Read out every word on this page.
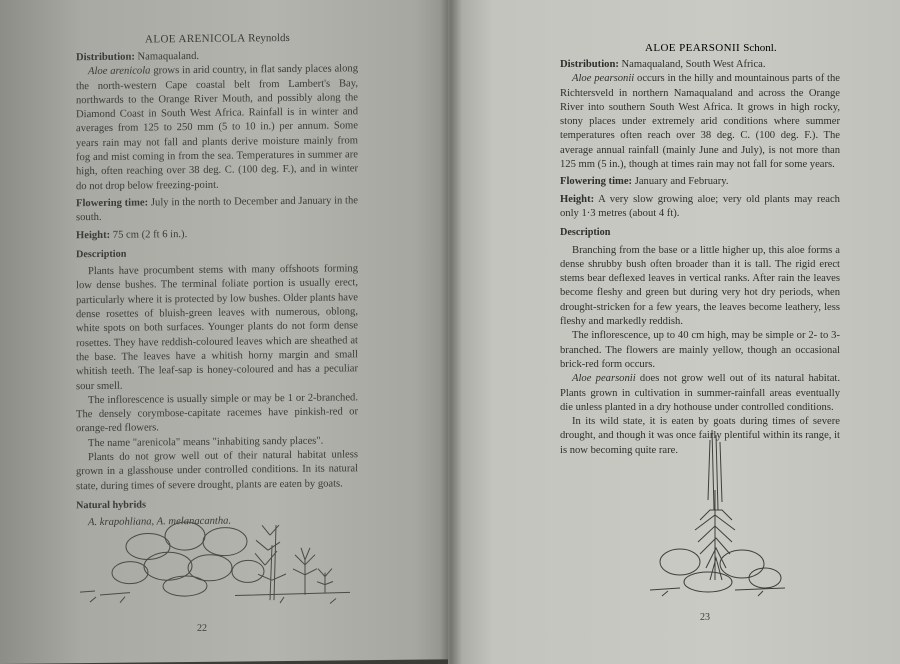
ALOE ARENICOLA Reynolds

Distribution: Namaqualand.

Aloe arenicola grows in arid country, in flat sandy places along the north-western Cape coastal belt from Lambert's Bay, northwards to the Orange River Mouth, and possibly along the Diamond Coast in South West Africa. Rainfall is in winter and averages from 125 to 250 mm (5 to 10 in.) per annum. Some years rain may not fall and plants derive moisture mainly from fog and mist coming in from the sea. Temperatures in summer are high, often reaching over 38 deg. C. (100 deg. F.), and in winter do not drop below freezing-point.

Flowering time: July in the north to December and January in the south.

Height: 75 cm (2 ft 6 in.).

Description

Plants have procumbent stems with many offshoots forming low dense bushes. The terminal foliate portion is usually erect, particularly where it is protected by low bushes. Older plants have dense rosettes of bluish-green leaves with numerous, oblong, white spots on both surfaces. Younger plants do not form dense rosettes. They have reddish-coloured leaves which are sheathed at the base. The leaves have a whitish horny margin and small whitish teeth. The leaf-sap is honey-coloured and has a peculiar sour smell.

The inflorescence is usually simple or may be 1 or 2-branched. The densely corymbose-capitate racemes have pinkish-red or orange-red flowers.

The name "arenicola" means "inhabiting sandy places".

Plants do not grow well out of their natural habitat unless grown in a glasshouse under controlled conditions. In its natural state, during times of severe drought, plants are eaten by goats.

Natural hybrids

A. krapohliana, A. melanacantha.

22
23
ALOE PEARSONII Schonl.

Distribution: Namaqualand, South West Africa.

Aloe pearsonii occurs in the hilly and mountainous parts of the Richtersveld in northern Namaqualand and across the Orange River into southern South West Africa. It grows in high rocky, stony places under extremely arid conditions where summer temperatures often reach over 38 deg. C. (100 deg. F.). The average annual rainfall (mainly June and July), is not more than 125 mm (5 in.), though at times rain may not fall for some years.

Flowering time: January and February.

Height: A very slow growing aloe; very old plants may reach only 1·3 metres (about 4 ft).

Description

Branching from the base or a little higher up, this aloe forms a dense shrubby bush often broader than it is tall. The rigid erect stems bear deflexed leaves in vertical ranks. After rain the leaves become fleshy and green but during very hot dry periods, when drought-stricken for a few years, the leaves become leathery, less fleshy and markedly reddish.

The inflorescence, up to 40 cm high, may be simple or 2- to 3-branched. The flowers are mainly yellow, though an occasional brick-red form occurs.

Aloe pearsonii does not grow well out of its natural habitat. Plants grown in cultivation in summer-rainfall areas eventually die unless planted in a dry hothouse under controlled conditions.

In its wild state, it is eaten by goats during times of severe drought, and though it was once fairly plentiful within its range, it is now becoming quite rare.
